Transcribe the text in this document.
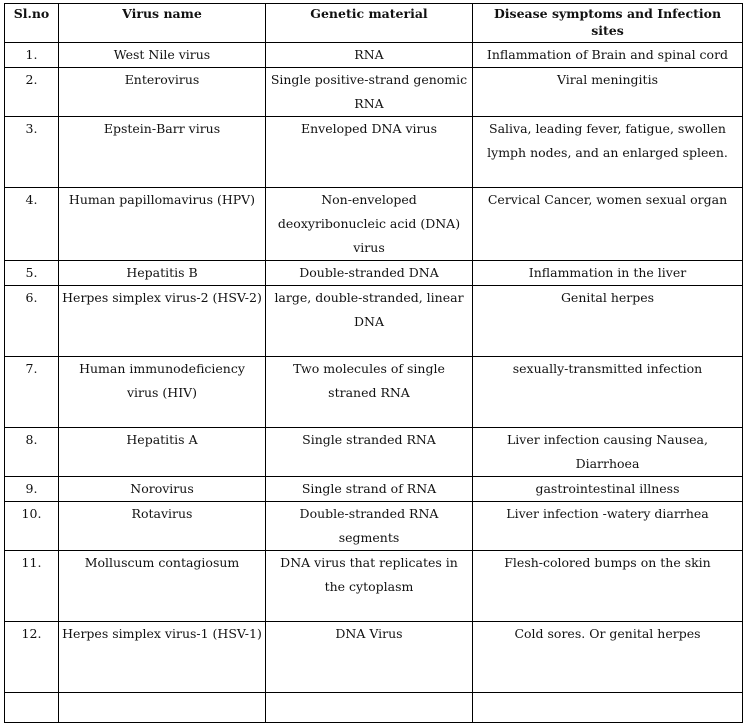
Sl.no	Virus name	Genetic material	Disease symptoms and Infection sites
1.	West Nile virus	RNA	Inflammation of Brain and spinal cord
2.	Enterovirus	Single positive-strand genomic RNA	Viral meningitis
3.	Epstein-Barr virus	Enveloped DNA virus	Saliva, leading fever, fatigue, swollen lymph nodes, and an enlarged spleen.
4.	Human papillomavirus (HPV)	Non-enveloped deoxyribonucleic acid (DNA) virus	Cervical Cancer, women sexual organ
5.	Hepatitis B	Double-stranded DNA	Inflammation in the liver
6.	Herpes simplex virus-2 (HSV-2)	large, double-stranded, linear DNA	Genital herpes
7.	Human immunodeficiency virus (HIV)	Two molecules of single straned RNA	sexually-transmitted infection
8.	Hepatitis A	Single stranded RNA	Liver infection causing Nausea, Diarrhoea
9.	Norovirus	Single strand of RNA	gastrointestinal illness
10.	Rotavirus	Double-stranded RNA segments	Liver infection -watery diarrhea
11.	Molluscum contagiosum	DNA virus that replicates in the cytoplasm	Flesh-colored bumps on the skin
12.	Herpes simplex virus-1 (HSV-1)	DNA Virus	Cold sores. Or genital herpes
